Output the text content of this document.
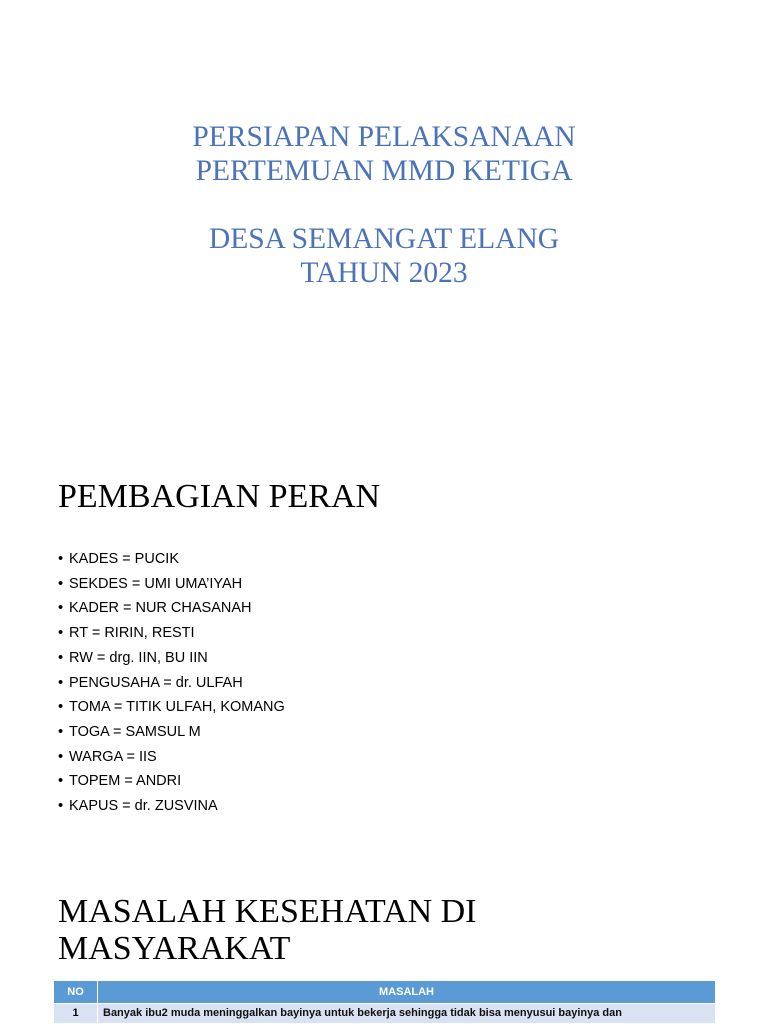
PERSIAPAN PELAKSANAAN
PERTEMUAN MMD KETIGA
DESA SEMANGAT ELANG
TAHUN 2023
PEMBAGIAN PERAN
• KADES = PUCIK
• SEKDES = UMI UMA’IYAH
• KADER = NUR CHASANAH
• RT = RIRIN, RESTI
• RW = drg. IIN, BU IIN
• PENGUSAHA = dr. ULFAH
• TOMA = TITIK ULFAH, KOMANG
• TOGA = SAMSUL M
• WARGA = IIS
• TOPEM = ANDRI
• KAPUS = dr. ZUSVINA
MASALAH KESEHATAN DI
MASYARAKAT
NO	MASALAH
1	Banyak ibu2 muda meninggalkan bayinya untuk bekerja sehingga tidak bisa menyusui bayinya dan
